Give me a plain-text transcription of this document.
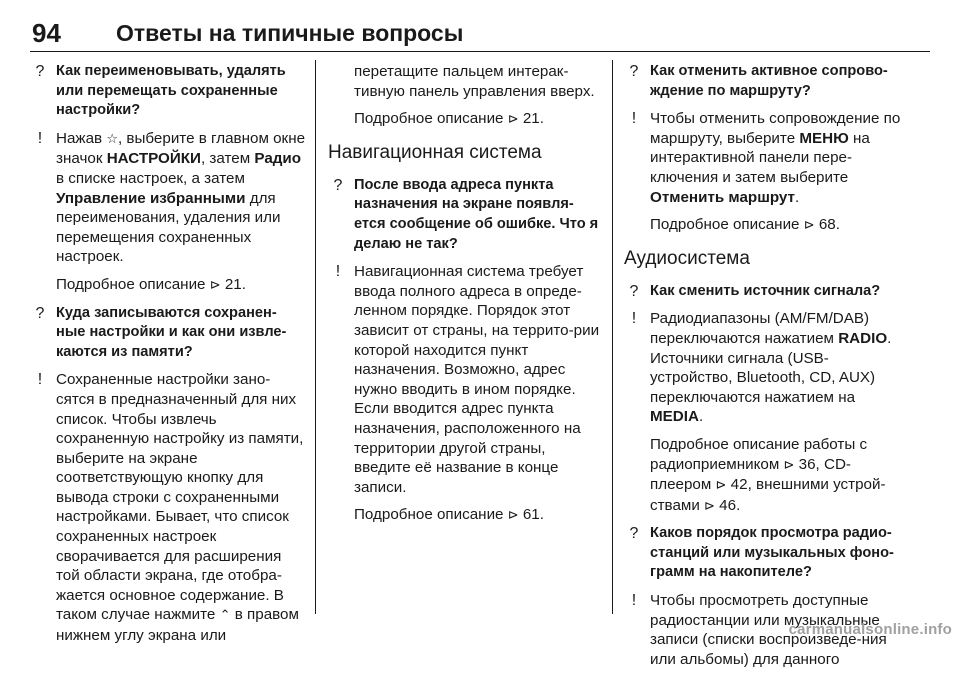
94 Ответы на типичные вопросы
? Как переименовывать, удалять или перемещать сохраненные настройки?
! Нажав ☆, выберите в главном окне значок НАСТРОЙКИ, затем Радио в списке настроек, а затем Управление избранными для переименования, удаления или перемещения сохраненных настроек.
Подробное описание ⊳ 21.
? Куда записываются сохранен-ные настройки и как они извле-каются из памяти?
! Сохраненные настройки зано-сятся в предназначенный для них список. Чтобы извлечь сохраненную настройку из памяти, выберите на экране соответствующую кнопку для вывода строки с сохраненными настройками. Бывает, что список сохраненных настроек сворачивается для расширения той области экрана, где отобра-жается основное содержание. В таком случае нажмите ⌃ в правом нижнем углу экрана или
перетащите пальцем интерак-тивную панель управления вверх.
Подробное описание ⊳ 21.
Навигационная система
? После ввода адреса пункта назначения на экране появля-ется сообщение об ошибке. Что я делаю не так?
! Навигационная система требует ввода полного адреса в опреде-ленном порядке. Порядок этот зависит от страны, на террито-рии которой находится пункт назначения. Возможно, адрес нужно вводить в ином порядке. Если вводится адрес пункта назначения, расположенного на территории другой страны, введите её название в конце записи.
Подробное описание ⊳ 61.
? Как отменить активное сопрово-ждение по маршруту?
! Чтобы отменить сопровождение по маршруту, выберите МЕНЮ на интерактивной панели пере-ключения и затем выберите Отменить маршрут.
Подробное описание ⊳ 68.
Аудиосистема
? Как сменить источник сигнала?
! Радиодиапазоны (AM/FM/DAB) переключаются нажатием RADIO. Источники сигнала (USB-устройство, Bluetooth, CD, AUX) переключаются нажатием на MEDIA.
Подробное описание работы с радиоприемником ⊳ 36, CD-плеером ⊳ 42, внешними устрой-ствами ⊳ 46.
? Каков порядок просмотра радио-станций или музыкальных фоно-грамм на накопителе?
! Чтобы просмотреть доступные радиостанции или музыкальные записи (списки воспроизведе-ния или альбомы) для данного
carmanualsonline.info
